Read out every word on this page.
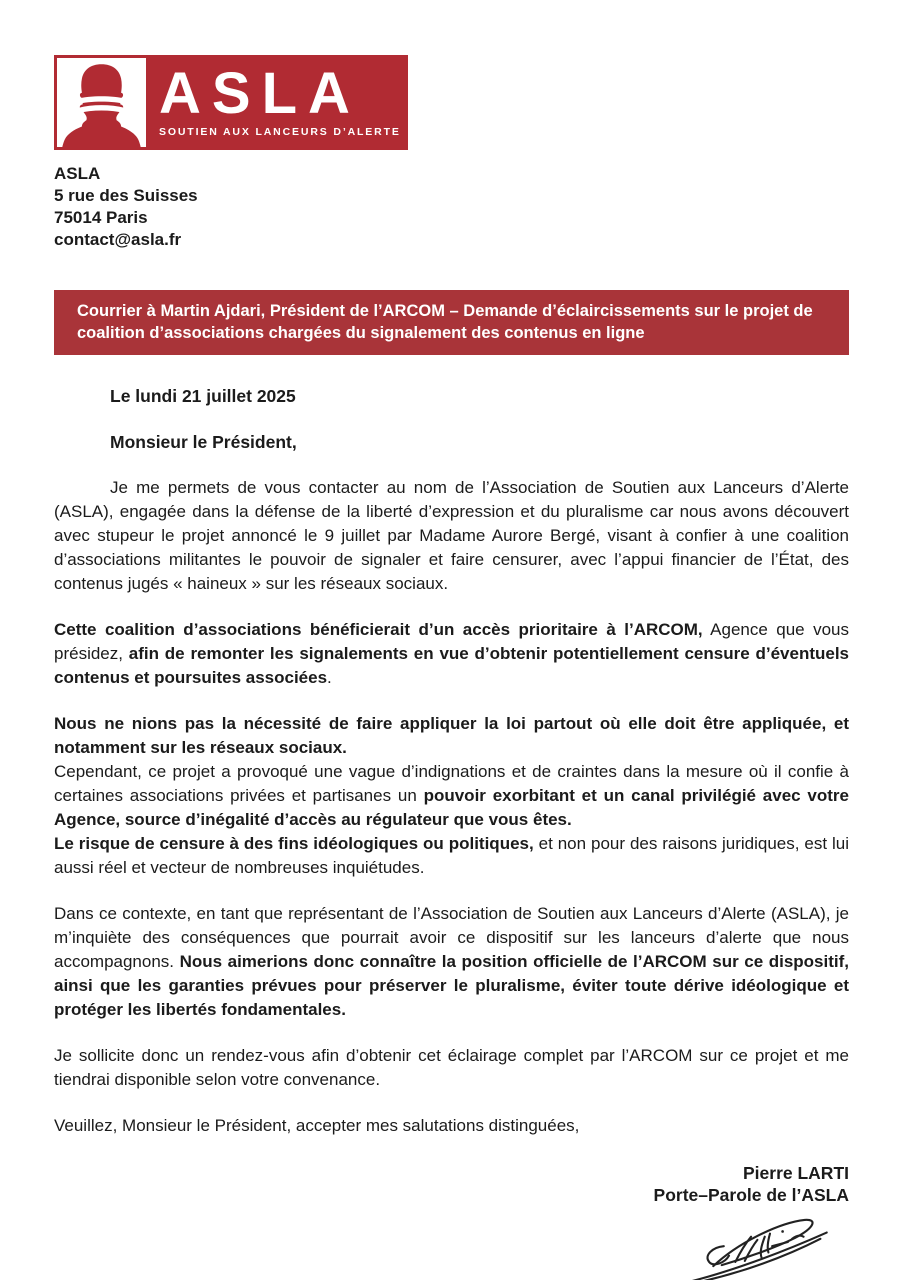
ASLA
SOUTIEN AUX LANCEURS D’ALERTE
ASLA
5 rue des Suisses
75014 Paris
contact@asla.fr
Courrier à Martin Ajdari, Président de l’ARCOM – Demande d’éclaircissements sur le projet de coalition d’associations chargées du signalement des contenus en ligne
Le lundi 21 juillet 2025
Monsieur le Président,

Je me permets de vous contacter au nom de l’Association de Soutien aux Lanceurs d’Alerte (ASLA), engagée dans la défense de la liberté d’expression et du pluralisme car nous avons découvert avec stupeur le projet annoncé le 9 juillet par Madame Aurore Bergé, visant à confier à une coalition d’associations militantes le pouvoir de signaler et faire censurer, avec l’appui financier de l’État, des contenus jugés « haineux » sur les réseaux sociaux.

Cette coalition d’associations bénéficierait d’un accès prioritaire à l’ARCOM, Agence que vous présidez, afin de remonter les signalements en vue d’obtenir potentiellement censure d’éventuels contenus et poursuites associées.

Nous ne nions pas la nécessité de faire appliquer la loi partout où elle doit être appliquée, et notamment sur les réseaux sociaux.

Cependant, ce projet a provoqué une vague d’indignations et de craintes dans la mesure où il confie à certaines associations privées et partisanes un pouvoir exorbitant et un canal privilégié avec votre Agence, source d’inégalité d’accès au régulateur que vous êtes.

Le risque de censure à des fins idéologiques ou politiques, et non pour des raisons juridiques, est lui aussi réel et vecteur de nombreuses inquiétudes.

Dans ce contexte, en tant que représentant de l’Association de Soutien aux Lanceurs d’Alerte (ASLA), je m’inquiète des conséquences que pourrait avoir ce dispositif sur les lanceurs d’alerte que nous accompagnons. Nous aimerions donc connaître la position officielle de l’ARCOM sur ce dispositif, ainsi que les garanties prévues pour préserver le pluralisme, éviter toute dérive idéologique et protéger les libertés fondamentales.

Je sollicite donc un rendez-vous afin d’obtenir cet éclairage complet par l’ARCOM sur ce projet et me tiendrai disponible selon votre convenance.

Veuillez, Monsieur le Président, accepter mes salutations distinguées,

Pierre LARTI
Porte–Parole de l’ASLA
